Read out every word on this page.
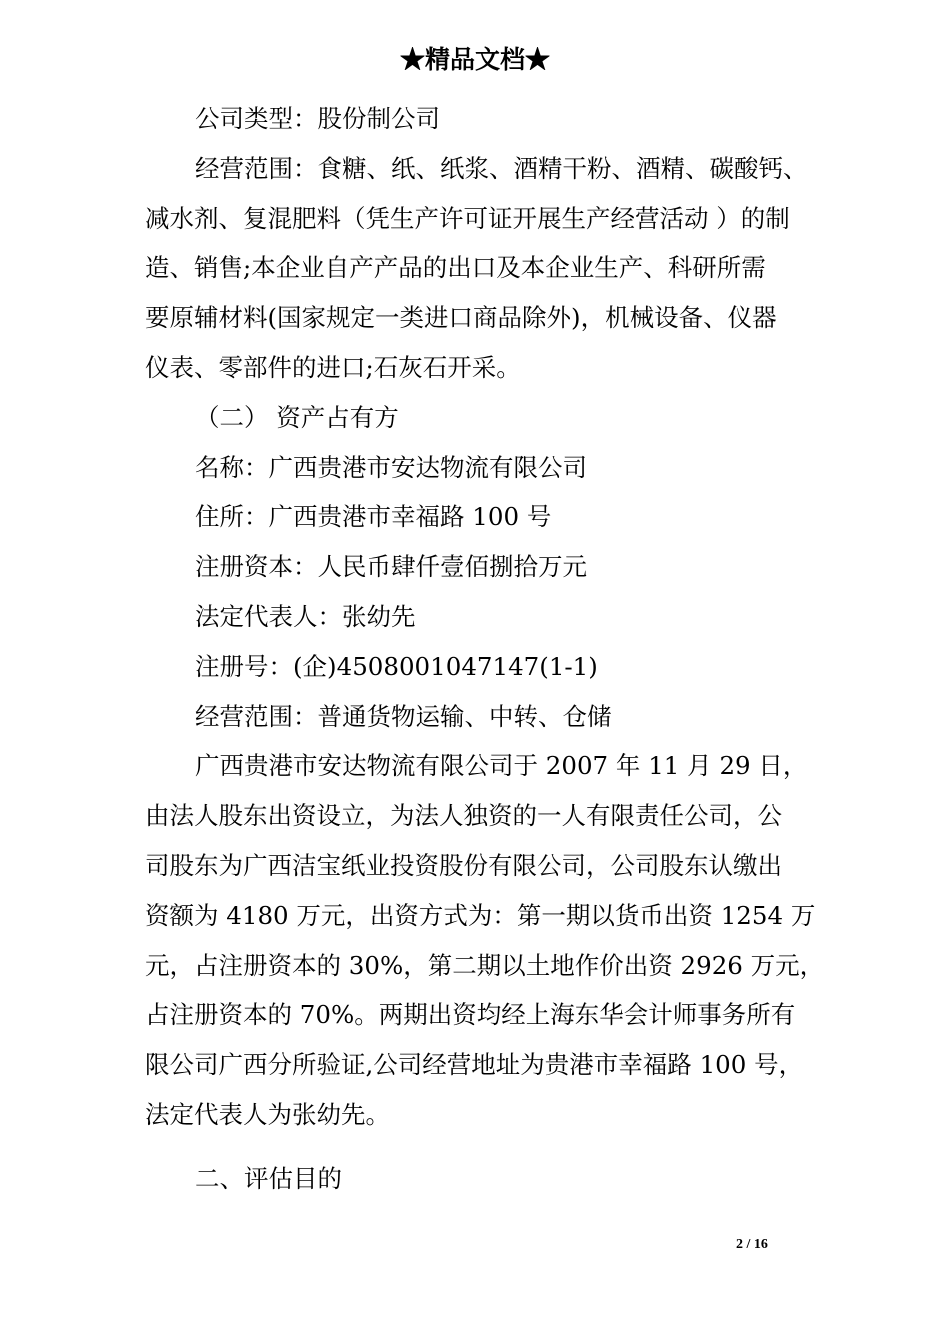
★精品文档★
公司类型：股份制公司
经营范围：食糖、纸、纸浆、酒精干粉、酒精、碳酸钙、
减水剂、复混肥料（凭生产许可证开展生产经营活动 ）的制
造、销售;本企业自产产品的出口及本企业生产、科研所需
要原辅材料(国家规定一类进口商品除外)，机械设备、仪器
仪表、零部件的进口;石灰石开采。
（二） 资产占有方
名称：广西贵港市安达物流有限公司
住所：广西贵港市幸福路 100 号
注册资本：人民币肆仟壹佰捌拾万元
法定代表人：张幼先
注册号：(企)4508001047147(1-1)
经营范围：普通货物运输、中转、仓储
广西贵港市安达物流有限公司于 2007 年 11 月 29 日，
由法人股东出资设立，为法人独资的一人有限责任公司，公
司股东为广西洁宝纸业投资股份有限公司，公司股东认缴出
资额为 4180 万元，出资方式为：第一期以货币出资 1254 万
元，占注册资本的 30%，第二期以土地作价出资 2926 万元，
占注册资本的 70%。两期出资均经上海东华会计师事务所有
限公司广西分所验证,公司经营地址为贵港市幸福路 100 号，
法定代表人为张幼先。
二、评估目的
2 / 16
